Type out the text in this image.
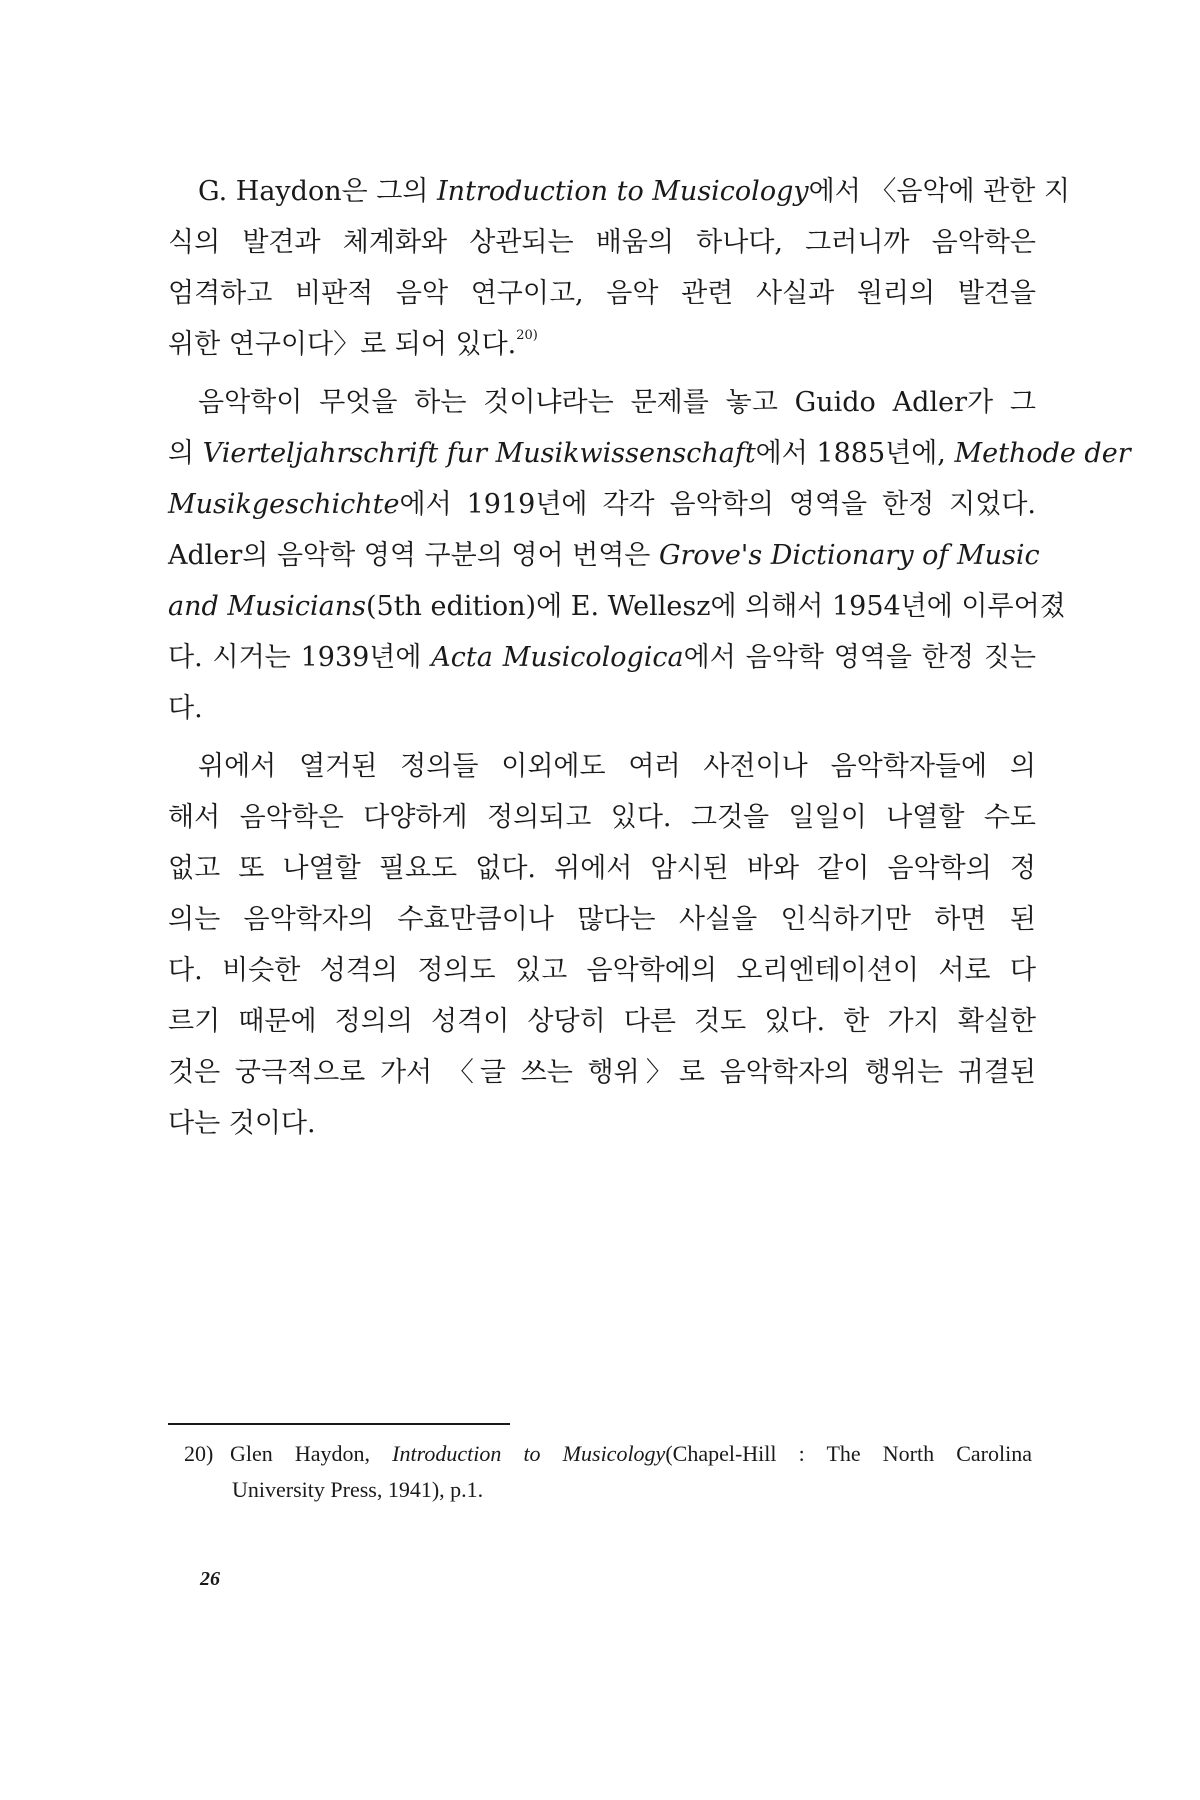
G. Haydon은 그의 Introduction to Musicology에서 〈음악에 관한 지
식의 발견과 체계화와 상관되는 배움의 하나다, 그러니까 음악학은
엄격하고 비판적 음악 연구이고, 음악 관련 사실과 원리의 발견을
위한 연구이다〉로 되어 있다.$^{20)}$
음악학이 무엇을 하는 것이냐라는 문제를 놓고 Guido Adler가 그
의 Vierteljahrschrift fur Musikwissenschaft에서 1885년에, Methode der
Musikgeschichte에서 1919년에 각각 음악학의 영역을 한정 지었다.
Adler의 음악학 영역 구분의 영어 번역은 Grove's Dictionary of Music
and Musicians(5th edition)에 E. Wellesz에 의해서 1954년에 이루어졌
다. 시거는 1939년에 Acta Musicologica에서 음악학 영역을 한정 짓는
다.
위에서 열거된 정의들 이외에도 여러 사전이나 음악학자들에 의
해서 음악학은 다양하게 정의되고 있다. 그것을 일일이 나열할 수도
없고 또 나열할 필요도 없다. 위에서 암시된 바와 같이 음악학의 정
의는 음악학자의 수효만큼이나 많다는 사실을 인식하기만 하면 된
다. 비슷한 성격의 정의도 있고 음악학에의 오리엔테이션이 서로 다
르기 때문에 정의의 성격이 상당히 다른 것도 있다. 한 가지 확실한
것은 궁극적으로 가서 〈글 쓰는 행위〉로 음악학자의 행위는 귀결된
다는 것이다.
20) Glen Haydon, Introduction to Musicology(Chapel-Hill : The North Carolina
University Press, 1941), p.1.
26
